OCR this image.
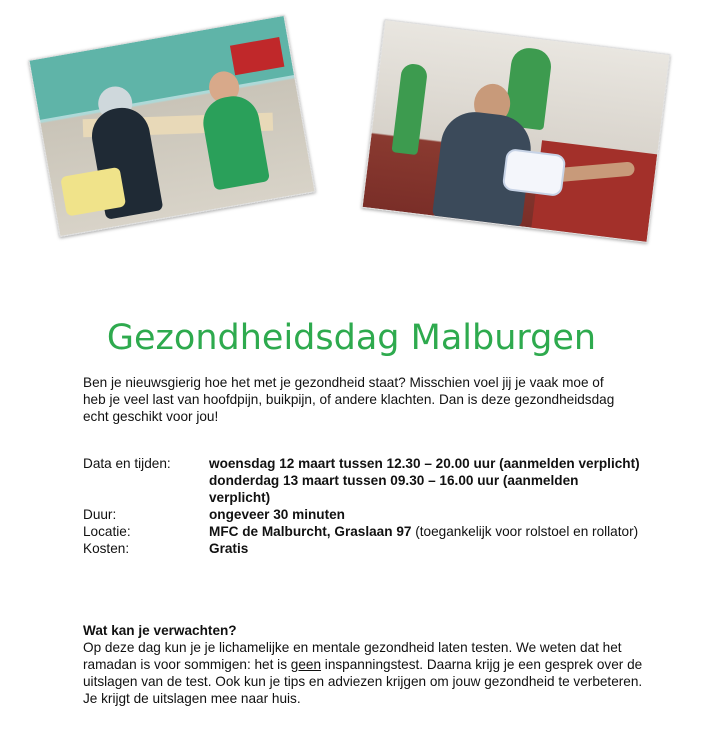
Gezondheidsdag Malburgen

Ben je nieuwsgierig hoe het met je gezondheid staat? Misschien voel jij je vaak moe of heb je veel last van hoofdpijn, buikpijn, of andere klachten. Dan is deze gezondheidsdag echt geschikt voor jou!

Data en tijden:	woensdag 12 maart tussen 12.30 – 20.00 uur (aanmelden verplicht)
donderdag 13 maart tussen 09.30 – 16.00 uur (aanmelden verplicht)
Duur:	ongeveer 30 minuten
Locatie:	MFC de Malburcht, Graslaan 97 (toegankelijk voor rolstoel en rollator)
Kosten:	Gratis

Wat kan je verwachten?

Op deze dag kun je je lichamelijke en mentale gezondheid laten testen. We weten dat het ramadan is voor sommigen: het is geen inspanningstest. Daarna krijg je een gesprek over de uitslagen van de test. Ook kun je tips en adviezen krijgen om jouw gezondheid te verbeteren. Je krijgt de uitslagen mee naar huis.
